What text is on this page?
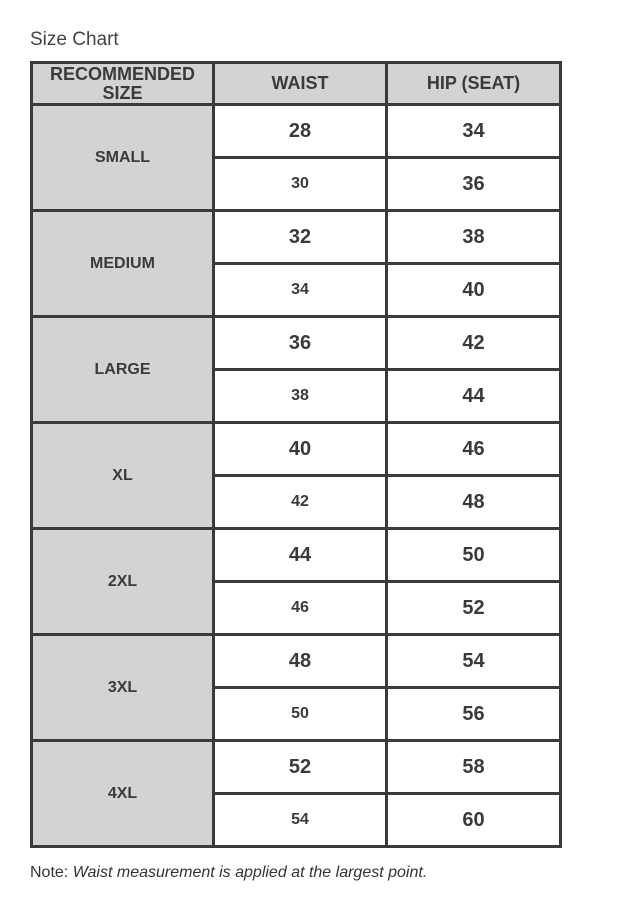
Size Chart
RECOMMENDED SIZE	WAIST	HIP (SEAT)
SMALL	28	34
	30	36
MEDIUM	32	38
	34	40
LARGE	36	42
	38	44
XL	40	46
	42	48
2XL	44	50
	46	52
3XL	48	54
	50	56
4XL	52	58
	54	60
Note: Waist measurement is applied at the largest point.
